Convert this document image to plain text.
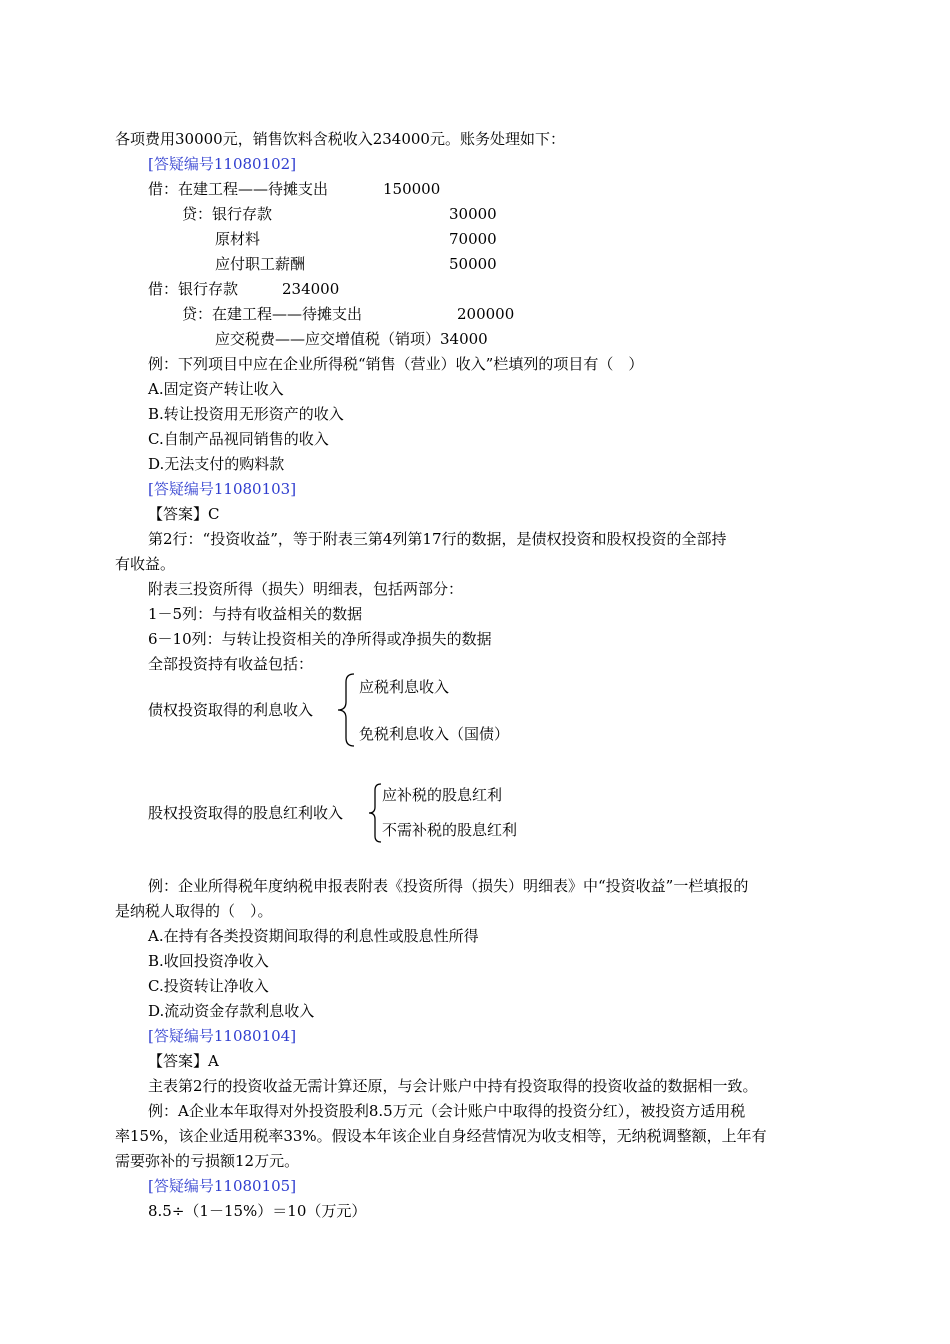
各项费用30000元，销售饮料含税收入234000元。账务处理如下：
[答疑编号11080102]
借：在建工程——待摊支出	150000
贷：银行存款	30000
原材料	70000
应付职工薪酬	50000
借：银行存款	234000
贷：在建工程——待摊支出	200000
应交税费——应交增值税（销项）34000
例：下列项目中应在企业所得税“销售（营业）收入”栏填列的项目有（　）
A.固定资产转让收入
B.转让投资用无形资产的收入
C.自制产品视同销售的收入
D.无法支付的购料款
[答疑编号11080103]
【答案】C
第2行：“投资收益”，等于附表三第4列第17行的数据，是债权投资和股权投资的全部持
有收益。
附表三投资所得（损失）明细表，包括两部分：
1－5列：与持有收益相关的数据
6－10列：与转让投资相关的净所得或净损失的数据
全部投资持有收益包括：
债权投资取得的利息收入
应税利息收入
免税利息收入（国债）
股权投资取得的股息红利收入
应补税的股息红利
不需补税的股息红利
例：企业所得税年度纳税申报表附表《投资所得（损失）明细表》中“投资收益”一栏填报的
是纳税人取得的（　）。
A.在持有各类投资期间取得的利息性或股息性所得
B.收回投资净收入
C.投资转让净收入
D.流动资金存款利息收入
[答疑编号11080104]
【答案】A
主表第2行的投资收益无需计算还原，与会计账户中持有投资取得的投资收益的数据相一致。
例：A企业本年取得对外投资股利8.5万元（会计账户中取得的投资分红），被投资方适用税
率15%，该企业适用税率33%。假设本年该企业自身经营情况为收支相等，无纳税调整额，上年有
需要弥补的亏损额12万元。
[答疑编号11080105]
8.5÷（1－15%）＝10（万元）
